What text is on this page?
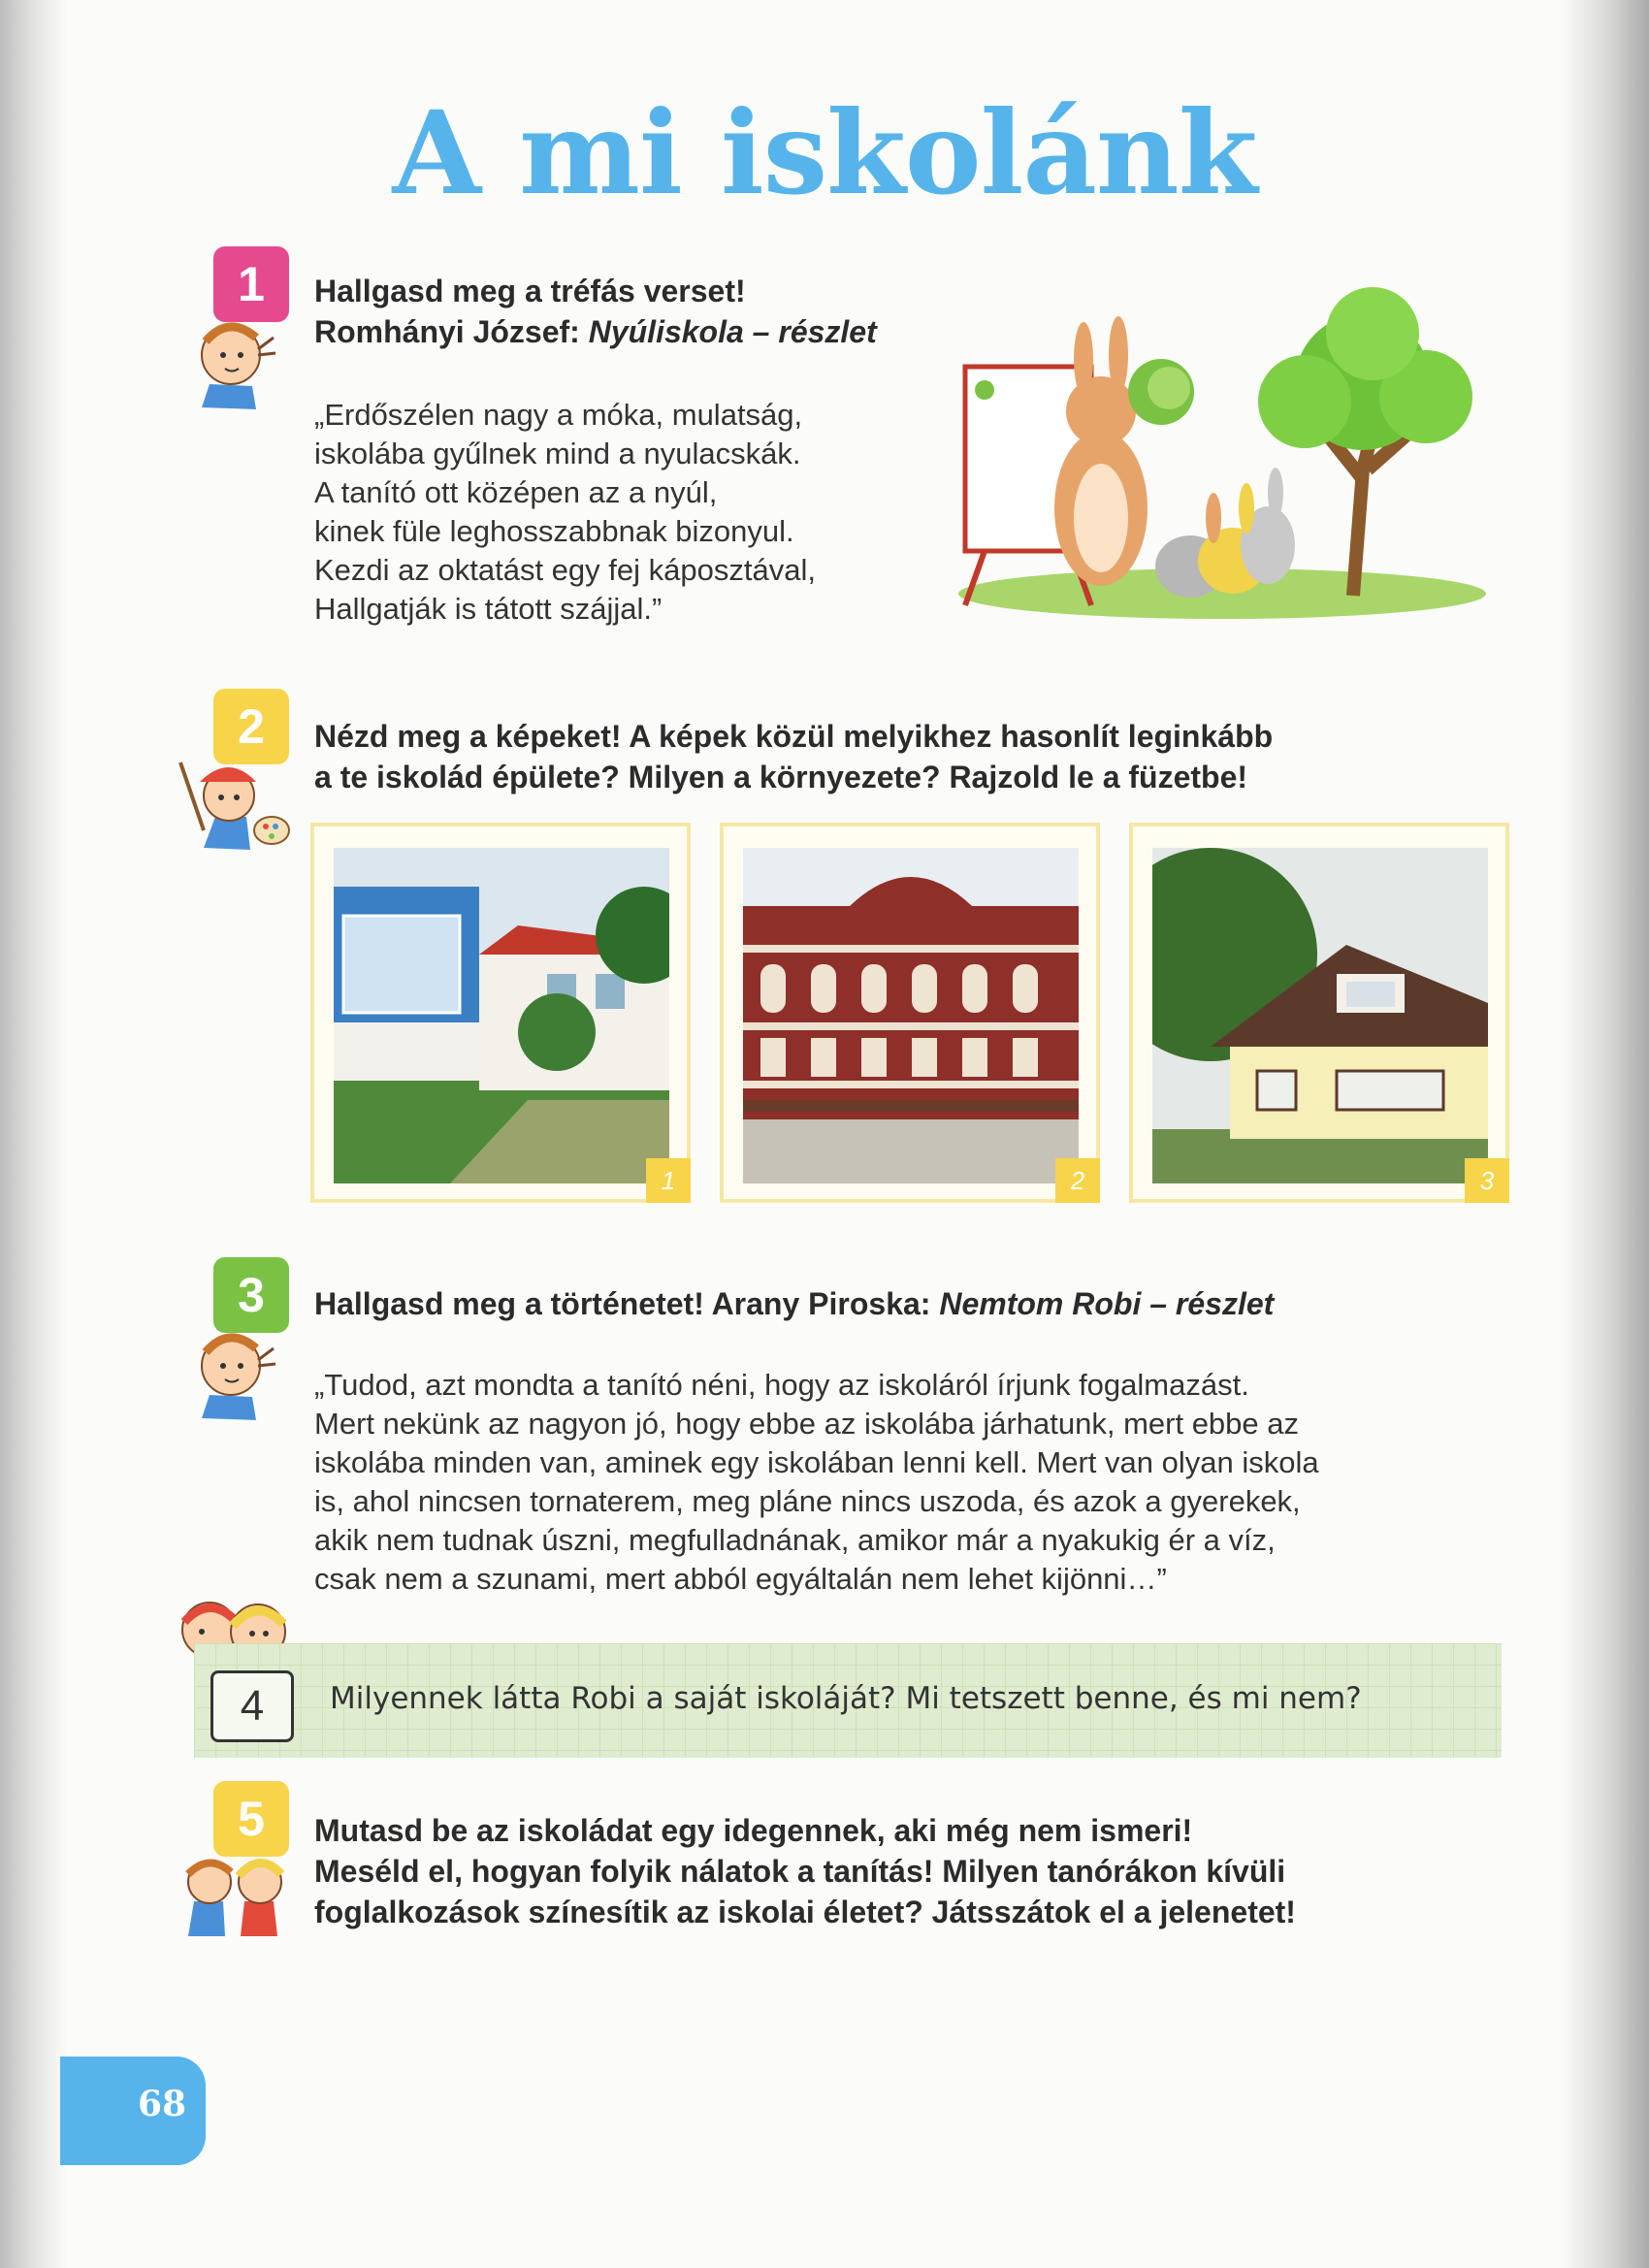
A mi iskolánk
1	Hallgasd meg a tréfás verset!
Romhányi József: Nyúliskola – részlet
„Erdőszélen nagy a móka, mulatság,
iskolába gyűlnek mind a nyulacskák.
A tanító ott középen az a nyúl,
kinek füle leghosszabbnak bizonyul.
Kezdi az oktatást egy fej káposztával,
Hallgatják is tátott szájjal.”
2	Nézd meg a képeket! A képek közül melyikhez hasonlít leginkább
a te iskolád épülete? Milyen a környezete? Rajzold le a füzetbe!
1	2	3
3	Hallgasd meg a történetet! Arany Piroska: Nemtom Robi – részlet
„Tudod, azt mondta a tanító néni, hogy az iskoláról írjunk fogalmazást.
Mert nekünk az nagyon jó, hogy ebbe az iskolába járhatunk, mert ebbe az
iskolába minden van, aminek egy iskolában lenni kell. Mert van olyan iskola
is, ahol nincsen tornaterem, meg pláne nincs uszoda, és azok a gyerekek,
akik nem tudnak úszni, megfulladnának, amikor már a nyakukig ér a víz,
csak nem a szunami, mert abból egyáltalán nem lehet kijönni…”
4	Milyennek látta Robi a saját iskoláját? Mi tetszett benne, és mi nem?
5	Mutasd be az iskoládat egy idegennek, aki még nem ismeri!
Meséld el, hogyan folyik nálatok a tanítás! Milyen tanórákon kívüli
foglalkozások színesítik az iskolai életet? Játsszátok el a jelenetet!
68
